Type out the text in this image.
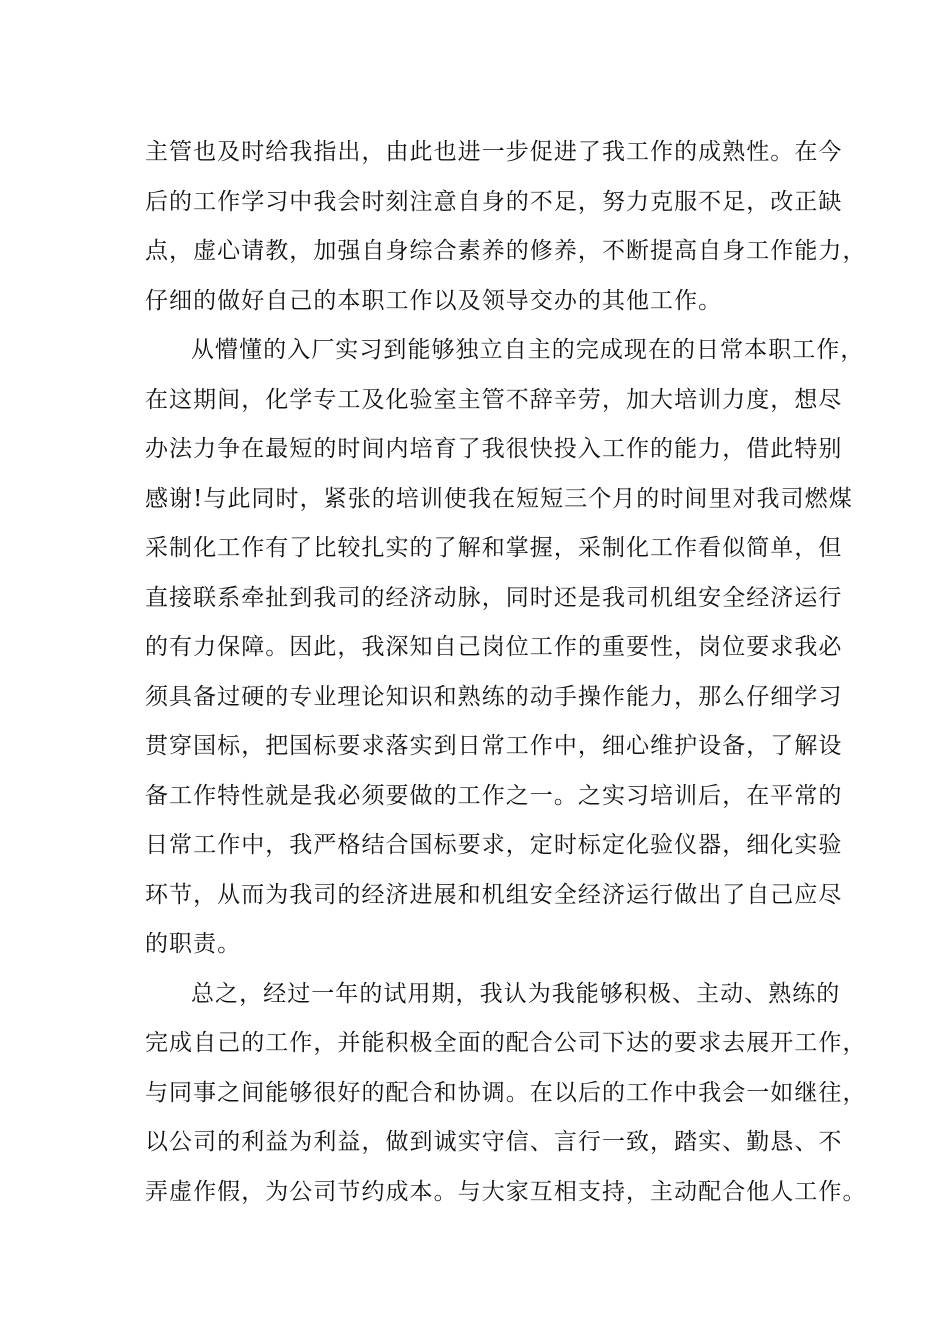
主管也及时给我指出，由此也进一步促进了我工作的成熟性。在今
后的工作学习中我会时刻注意自身的不足，努力克服不足，改正缺
点，虚心请教，加强自身综合素养的修养，不断提高自身工作能力，
仔细的做好自己的本职工作以及领导交办的其他工作。
从懵懂的入厂实习到能够独立自主的完成现在的日常本职工作，
在这期间，化学专工及化验室主管不辞辛劳，加大培训力度，想尽
办法力争在最短的时间内培育了我很快投入工作的能力，借此特别
感谢!与此同时，紧张的培训使我在短短三个月的时间里对我司燃煤
采制化工作有了比较扎实的了解和掌握，采制化工作看似简单，但
直接联系牵扯到我司的经济动脉，同时还是我司机组安全经济运行
的有力保障。因此，我深知自己岗位工作的重要性，岗位要求我必
须具备过硬的专业理论知识和熟练的动手操作能力，那么仔细学习
贯穿国标，把国标要求落实到日常工作中，细心维护设备，了解设
备工作特性就是我必须要做的工作之一。之实习培训后，在平常的
日常工作中，我严格结合国标要求，定时标定化验仪器，细化实验
环节，从而为我司的经济进展和机组安全经济运行做出了自己应尽
的职责。
总之，经过一年的试用期，我认为我能够积极、主动、熟练的
完成自己的工作，并能积极全面的配合公司下达的要求去展开工作，
与同事之间能够很好的配合和协调。在以后的工作中我会一如继往，
以公司的利益为利益，做到诚实守信、言行一致，踏实、勤恳、不
弄虚作假，为公司节约成本。与大家互相支持，主动配合他人工作。
